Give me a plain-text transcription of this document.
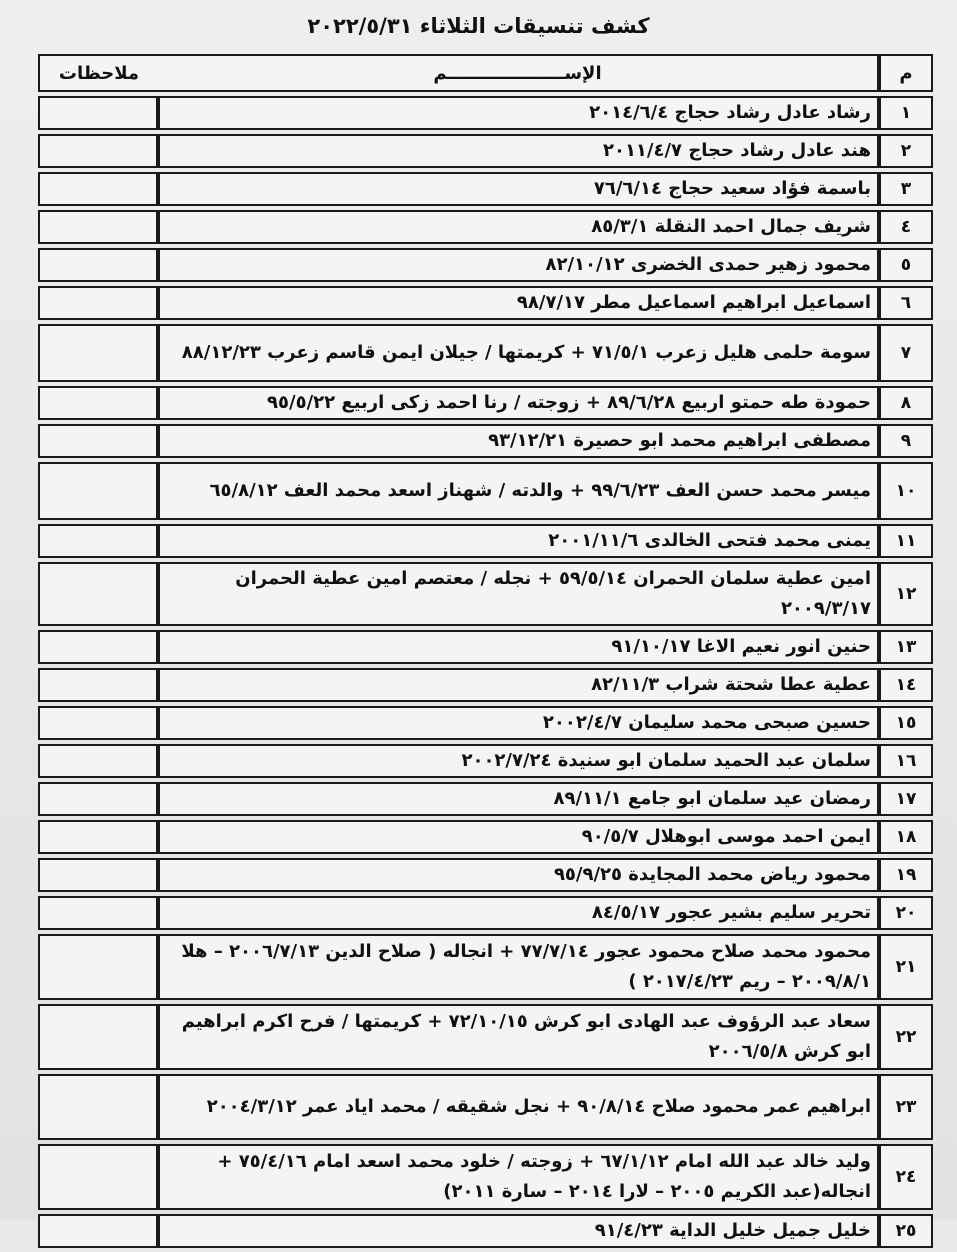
كشف تنسيقات الثلاثاء ٢٠٢٢/٥/٣١
م	الإســـــــــــــــــــم	ملاحظات
١	رشاد عادل رشاد حجاج ٢٠١٤/٦/٤	
٢	هند عادل رشاد حجاج ٢٠١١/٤/٧	
٣	باسمة فؤاد سعيد حجاج ٧٦/٦/١٤	
٤	شريف جمال احمد النقلة ٨٥/٣/١	
٥	محمود زهير حمدى الخضرى ٨٢/١٠/١٢	
٦	اسماعيل ابراهيم اسماعيل مطر ٩٨/٧/١٧	
٧	سومة حلمى هليل زعرب ٧١/٥/١ + كريمتها / جيلان ايمن قاسم زعرب ٨٨/١٢/٢٣	
٨	حمودة طه حمتو اربيع ٨٩/٦/٢٨ + زوجته / رنا احمد زكى اربيع ٩٥/٥/٢٢	
٩	مصطفى ابراهيم محمد ابو حصيرة ٩٣/١٢/٢١	
١٠	ميسر محمد حسن العف ٩٩/٦/٢٣ + والدته / شهناز اسعد محمد العف ٦٥/٨/١٢	
١١	يمنى محمد فتحى الخالدى ٢٠٠١/١١/٦	
١٢	امين عطية سلمان الحمران ٥٩/٥/١٤ + نجله / معتصم امين عطية الحمران ٢٠٠٩/٣/١٧	
١٣	حنين انور نعيم الاغا ٩١/١٠/١٧	
١٤	عطية عطا شحتة شراب ٨٢/١١/٣	
١٥	حسين صبحى محمد سليمان ٢٠٠٢/٤/٧	
١٦	سلمان عبد الحميد سلمان ابو سنيدة ٢٠٠٢/٧/٢٤	
١٧	رمضان عيد سلمان ابو جامع ٨٩/١١/١	
١٨	ايمن احمد موسى ابوهلال ٩٠/٥/٧	
١٩	محمود رياض محمد المجايدة ٩٥/٩/٢٥	
٢٠	تحرير سليم بشير عجور ٨٤/٥/١٧	
٢١	محمود محمد صلاح محمود عجور ٧٧/٧/١٤ + انجاله ( صلاح الدين ٢٠٠٦/٧/١٣ – هلا ٢٠٠٩/٨/١ – ريم ٢٠١٧/٤/٢٣ )	
٢٢	سعاد عبد الرؤوف عبد الهادى ابو كرش ٧٢/١٠/١٥ + كريمتها / فرح اكرم ابراهيم ابو كرش ٢٠٠٦/٥/٨	
٢٣	ابراهيم عمر محمود صلاح ٩٠/٨/١٤ + نجل شقيقه / محمد اياد عمر ٢٠٠٤/٣/١٢	
٢٤	وليد خالد عبد الله امام ٦٧/١/١٢ + زوجته / خلود محمد اسعد امام ٧٥/٤/١٦ + انجاله(عبد الكريم ٢٠٠٥ – لارا ٢٠١٤ – سارة ٢٠١١)	
٢٥	خليل جميل خليل الداية ٩١/٤/٢٣	
